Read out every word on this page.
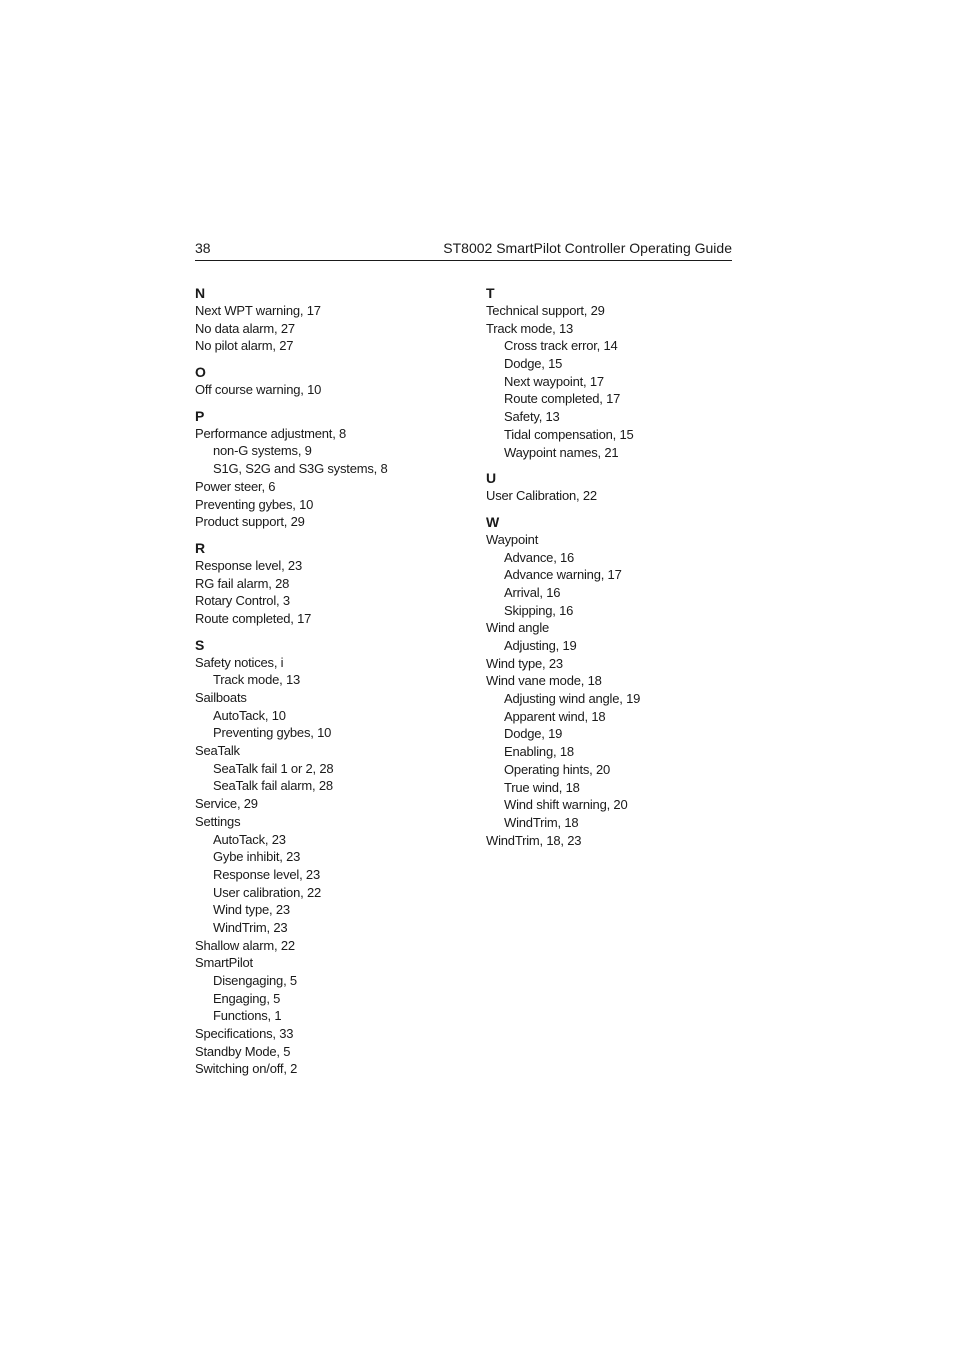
38	ST8002 SmartPilot Controller Operating Guide
N
Next WPT warning, 17
No data alarm, 27
No pilot alarm, 27
O
Off course warning, 10
P
Performance adjustment, 8
non-G systems, 9
S1G, S2G and S3G systems, 8
Power steer, 6
Preventing gybes, 10
Product support, 29
R
Response level, 23
RG fail alarm, 28
Rotary Control, 3
Route completed, 17
S
Safety notices, i
Track mode, 13
Sailboats
AutoTack, 10
Preventing gybes, 10
SeaTalk
SeaTalk fail 1 or 2, 28
SeaTalk fail alarm, 28
Service, 29
Settings
AutoTack, 23
Gybe inhibit, 23
Response level, 23
User calibration, 22
Wind type, 23
WindTrim, 23
Shallow alarm, 22
SmartPilot
Disengaging, 5
Engaging, 5
Functions, 1
Specifications, 33
Standby Mode, 5
Switching on/off, 2
T
Technical support, 29
Track mode, 13
Cross track error, 14
Dodge, 15
Next waypoint, 17
Route completed, 17
Safety, 13
Tidal compensation, 15
Waypoint names, 21
U
User Calibration, 22
W
Waypoint
Advance, 16
Advance warning, 17
Arrival, 16
Skipping, 16
Wind angle
Adjusting, 19
Wind type, 23
Wind vane mode, 18
Adjusting wind angle, 19
Apparent wind, 18
Dodge, 19
Enabling, 18
Operating hints, 20
True wind, 18
Wind shift warning, 20
WindTrim, 18
WindTrim, 18, 23
